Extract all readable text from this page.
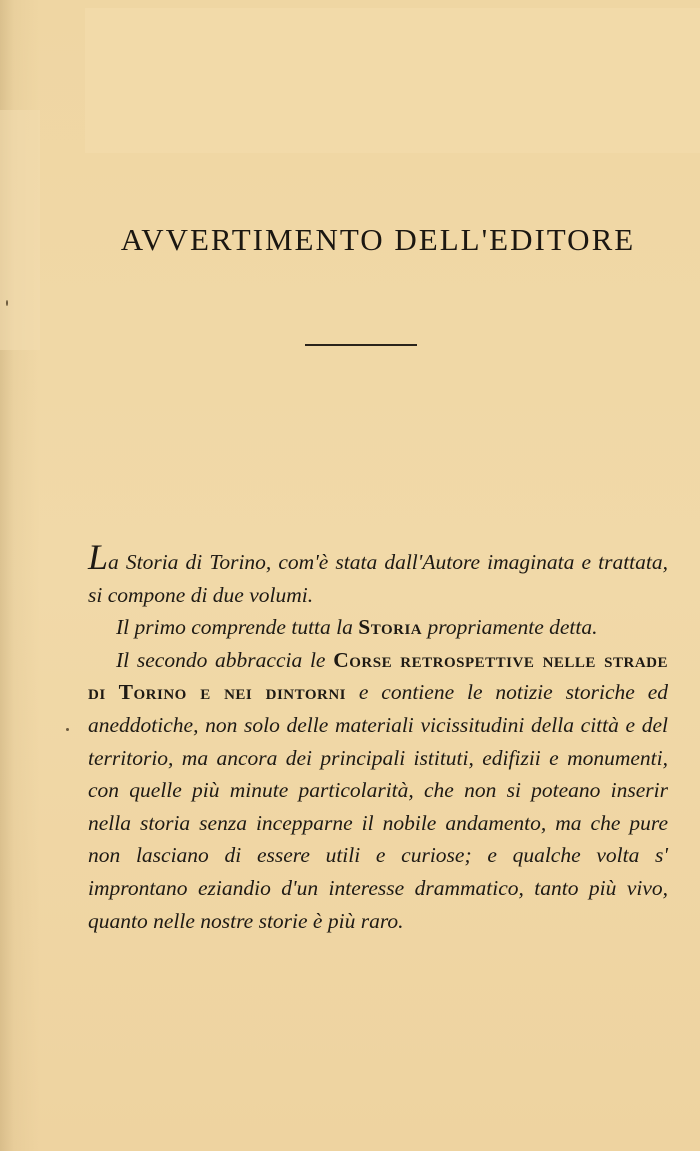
AVVERTIMENTO DELL'EDITORE

La Storia di Torino, com'è stata dall'Autore imaginata e trattata, si compone di due volumi.

Il primo comprende tutta la Storia propriamente detta.

Il secondo abbraccia le Corse retrospettive nelle strade di Torino e nei dintorni e contiene le notizie storiche ed aneddotiche, non solo delle materiali vicissitudini della città e del territorio, ma ancora dei principali istituti, edifizii e monumenti, con quelle più minute particolarità, che non si poteano inserir nella storia senza incepparne il nobile andamento, ma che pure non lasciano di essere utili e curiose; e qualche volta s' improntano eziandio d'un interesse drammatico, tanto più vivo, quanto nelle nostre storie è più raro.
